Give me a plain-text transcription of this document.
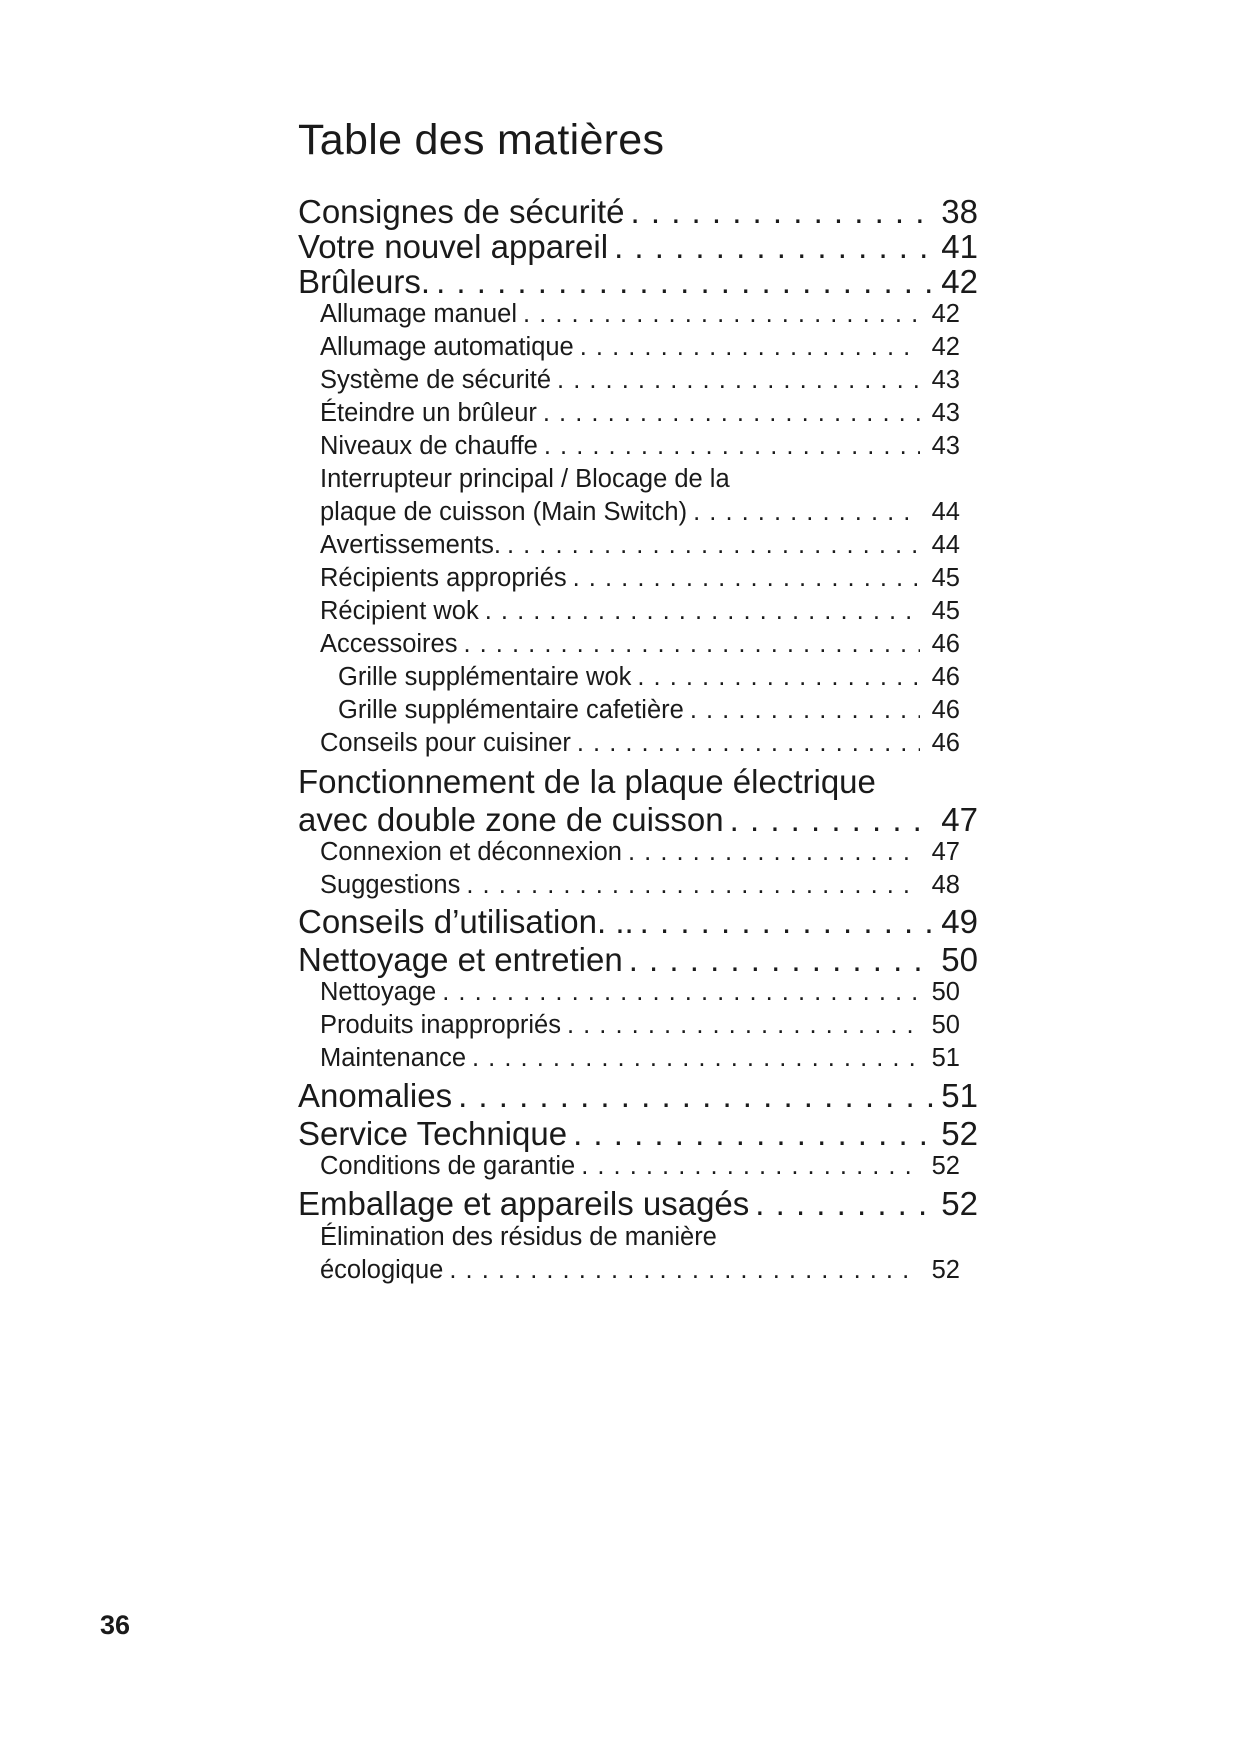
Table des matières
Consignes de sécurité . . .	38
Votre nouvel appareil . . .	41
Brûleurs. . . .	42
Allumage manuel . . .	42
Allumage automatique . . .	42
Système de sécurité . . .	43
Éteindre un brûleur . . .	43
Niveaux de chauffe . . .	43
Interrupteur principal / Blocage de la
plaque de cuisson (Main Switch) . . .	44
Avertissements. . . .	44
Récipients appropriés . . .	45
Récipient wok . . .	45
Accessoires . . .	46
Grille supplémentaire wok . . .	46
Grille supplémentaire cafetière . . .	46
Conseils pour cuisiner . . .	46
Fonctionnement de la plaque électrique
avec double zone de cuisson . . .	47
Connexion et déconnexion . . .	47
Suggestions . . .	48
Conseils d’utilisation. .. . . .	49
Nettoyage et entretien . . .	50
Nettoyage . . .	50
Produits inappropriés . . .	50
Maintenance . . .	51
Anomalies . . .	51
Service Technique . . .	52
Conditions de garantie . . .	52
Emballage et appareils usagés . . .	52
Élimination des résidus de manière
écologique . . .	52
36
